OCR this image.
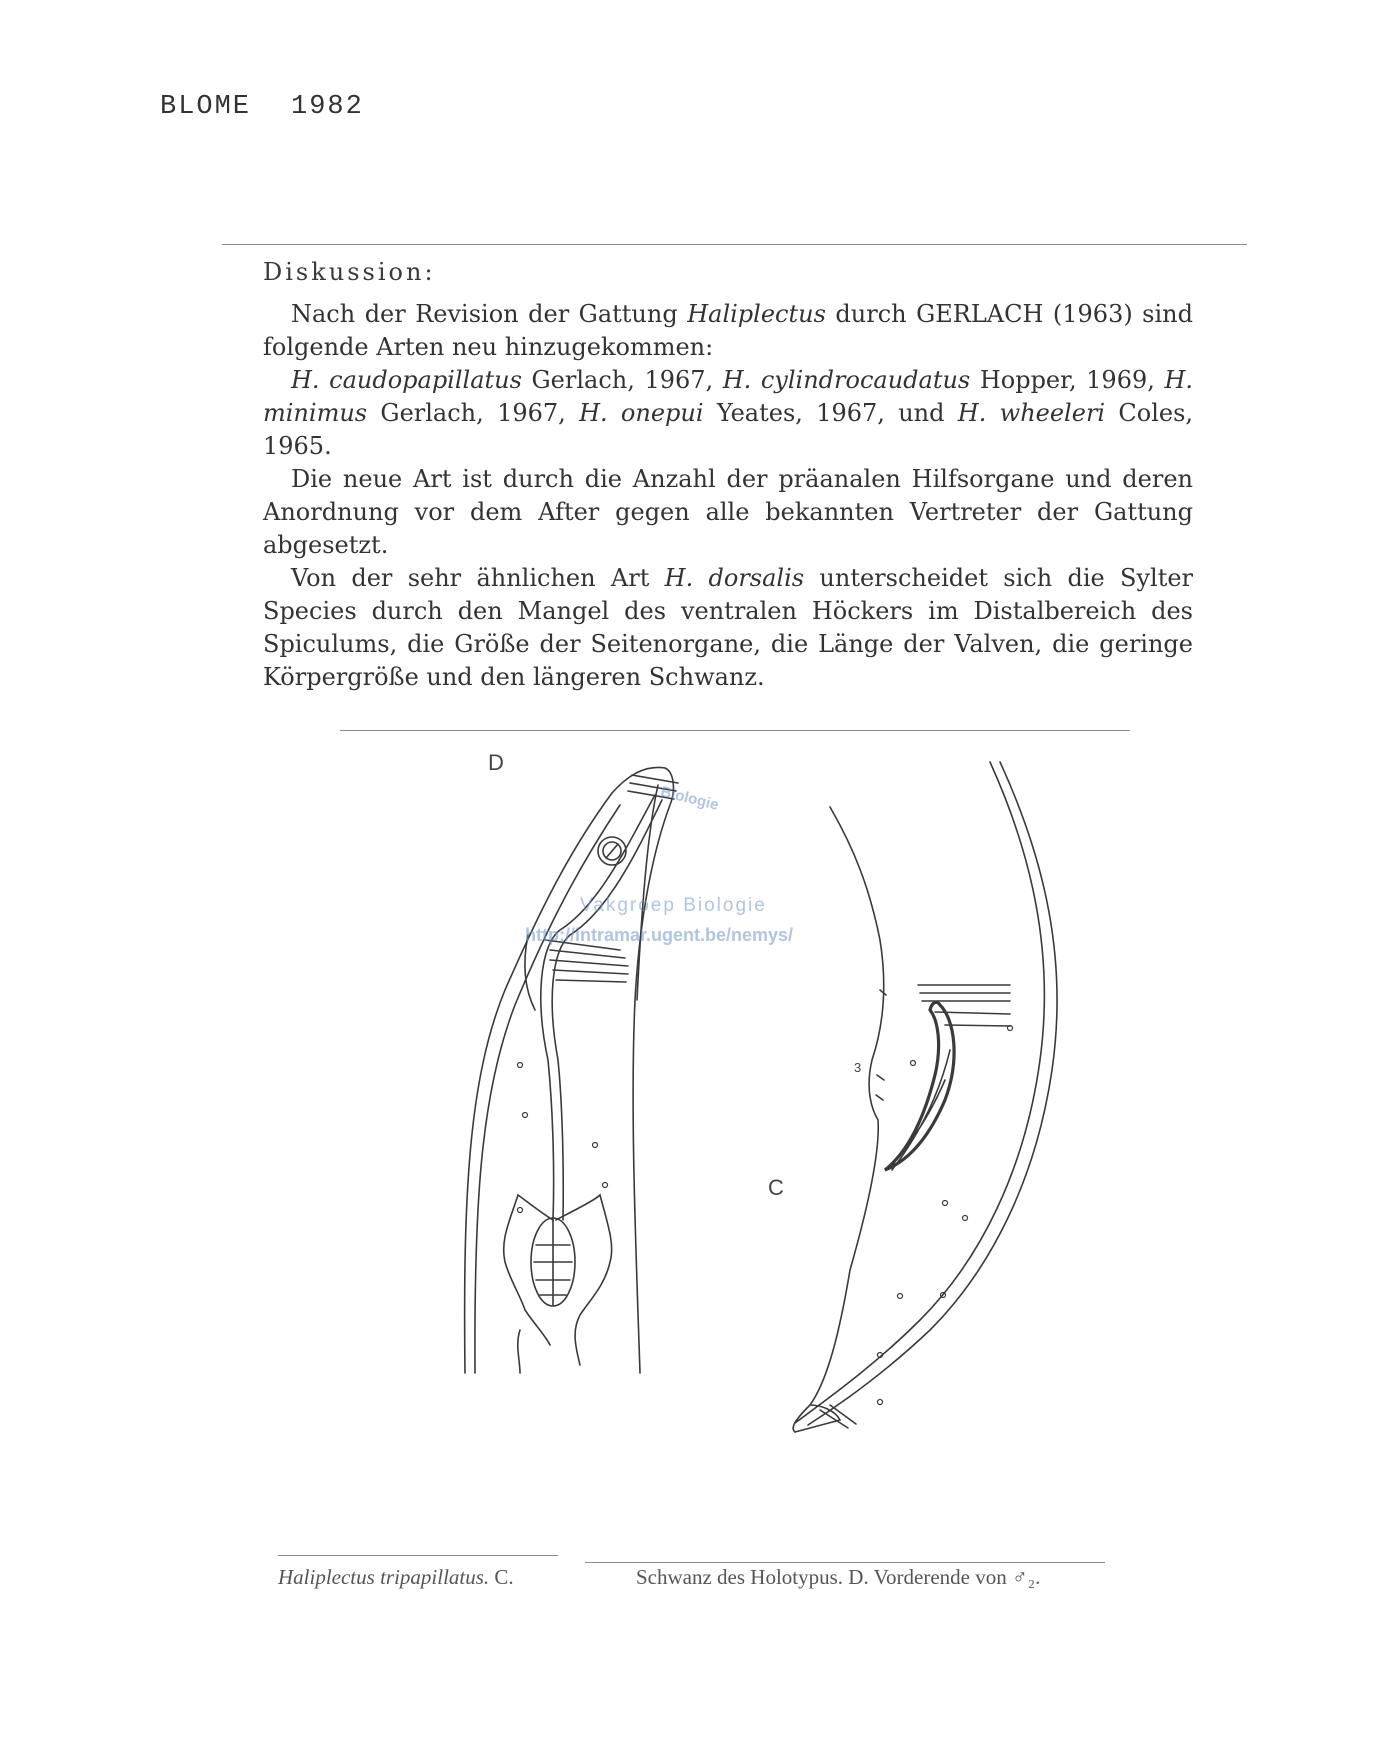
BLOME 1982
Diskussion:

Nach der Revision der Gattung Haliplectus durch GERLACH (1963) sind folgende Arten neu hinzugekommen:

H. caudopapillatus Gerlach, 1967, H. cylindrocaudatus Hopper, 1969, H. minimus Gerlach, 1967, H. onepui Yeates, 1967, und H. wheeleri Coles, 1965.

Die neue Art ist durch die Anzahl der präanalen Hilfsorgane und deren Anordnung vor dem After gegen alle bekannten Vertreter der Gattung abgesetzt.

Von der sehr ähnlichen Art H. dorsalis unterscheidet sich die Sylter Species durch den Mangel des ventralen Höckers im Distalbereich des Spiculums, die Größe der Seitenorgane, die Länge der Valven, die geringe Körpergröße und den längeren Schwanz.

D
C
3
Biologie
Vakgroep Biologie
http://intramar.ugent.be/nemys/
Haliplectus tripapillatus. C.	Schwanz des Holotypus. D. Vorderende von ♂₂.
